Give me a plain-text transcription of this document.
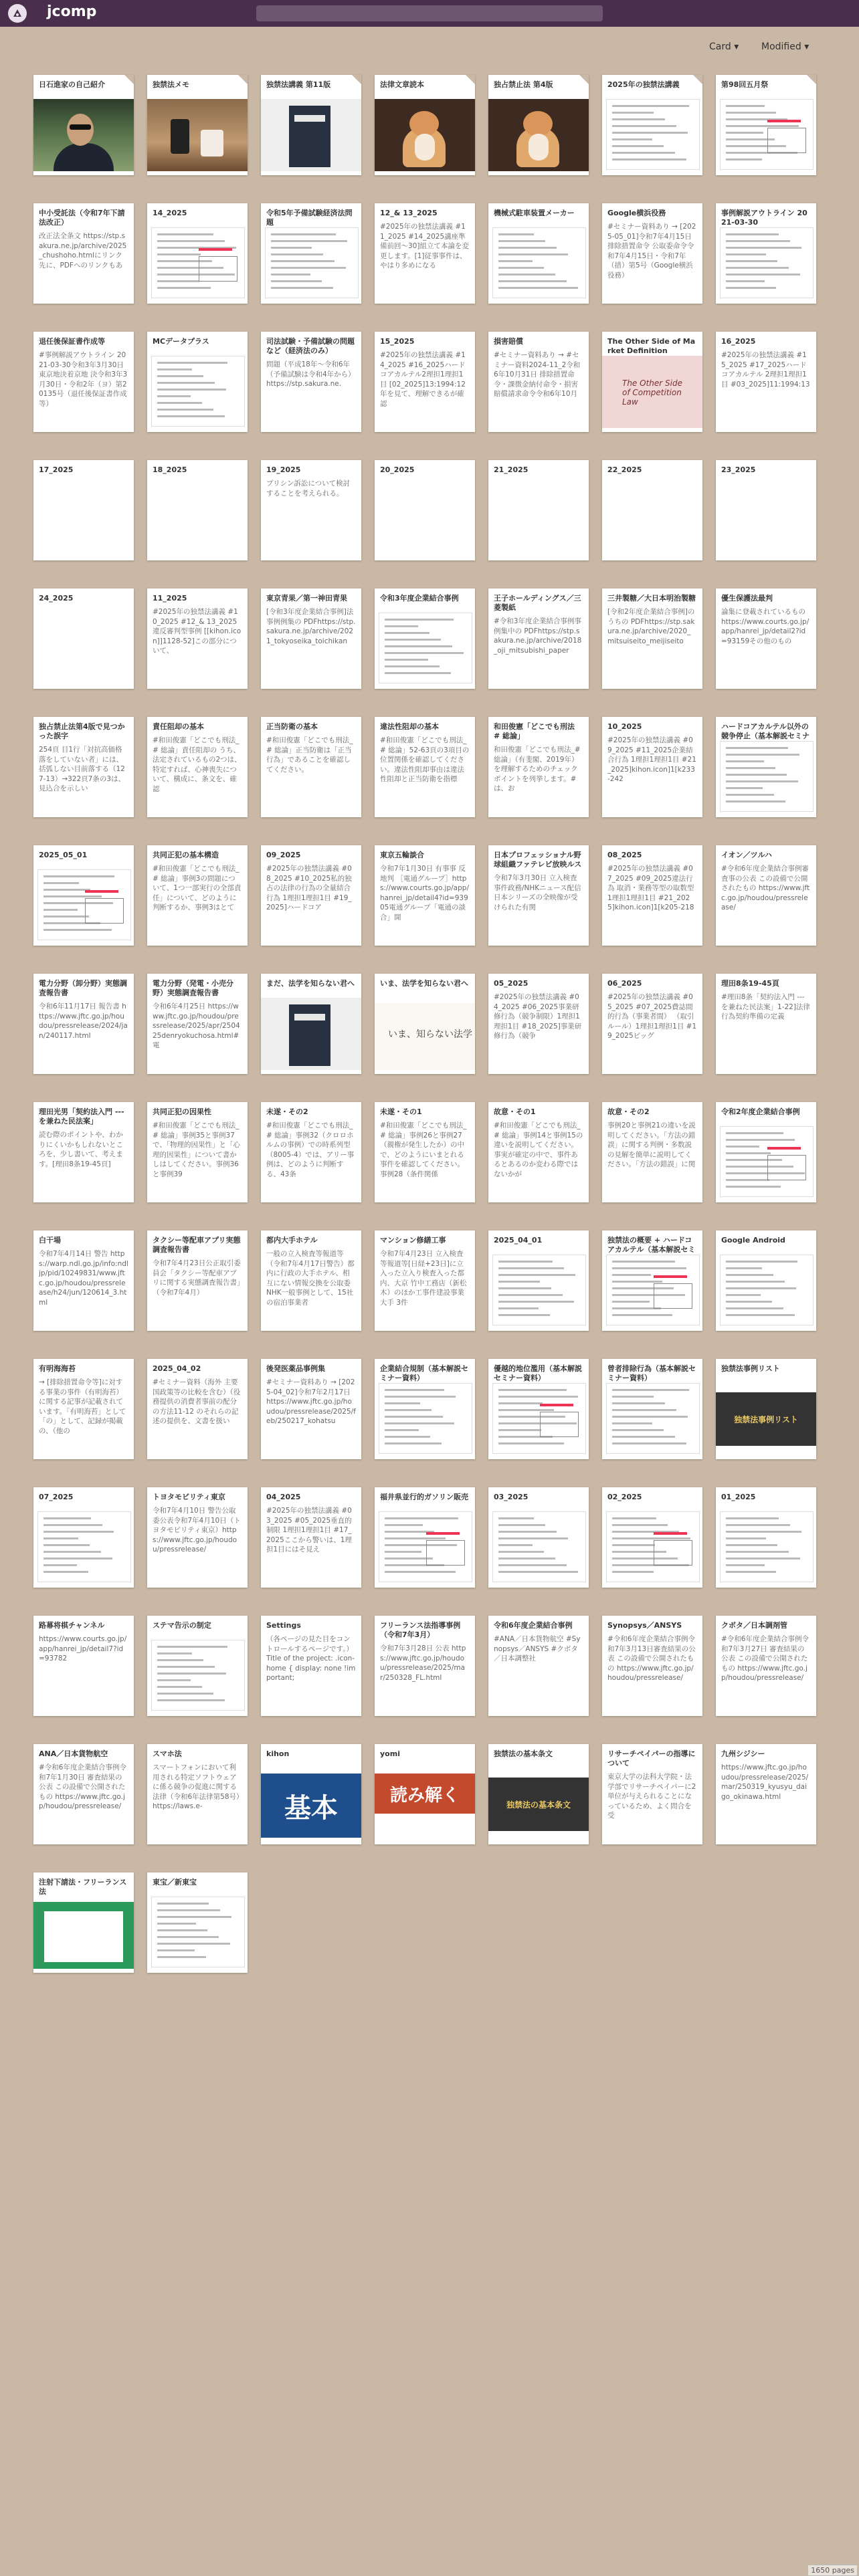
jcomp
Card ▾ Modified ▾
日石進家の自己紹介	独禁法メモ	独禁法講義 第11版	法律文章読本	独占禁止法 第4版	2025年の独禁法講義	第98回五月祭
中小受託法（令和7年下請法改正）
改正法全条文 https://stp.sakura.ne.jp/archive/2025_chushoho.htmlにリンク先に、PDFへのリンクもあ
14_2025	令和5年予備試験経済法問題
12_& 13_2025
#2025年の独禁法講義 #11_2025 #14_2025講座準備前回～30]組立て本論を変更します。[1]従事事件は、やはり多めになる
機械式駐車装置メーカー	Google横浜役務
#セミナー資料あり → [2025-05_01]令和7年4月15日 排除措置命令 公取委命令令和7年4月15日・令和7年（措）第5号（Google横浜役務）
事例解説アウトライン 2021-03-30
退任後保証書作成等
#事例解説アウトライン 2021-03-30令和3年3月30日 東京地決着京地 決令和3年3月30日・令和2年（ヨ）第20135号（退任後保証書作成等）
MCデータプラス	司法試験・予備試験の問題など（経済法のみ）
問題（平成18年～令和6年（予備試験は令和4年から） https://stp.sakura.ne.
15_2025
#2025年の独禁法講義 #14_2025 #16_2025ハードコアカルテル2理担1理担1目 [02_2025]13:1994:12年を見て、理解できるが確認
損害賠償
#セミナー資料あり → #セミナー資料2024-11_2令和6年10月31日 排除措置命令・課徴金納付命令・損害賠償請求命令令和6年10月
The Other Side of Market Definition
The Other Side of Competition Law
16_2025
#2025年の独禁法講義 #15_2025 #17_2025ハードコアカルテル 2理担1理担1目 #03_2025]11:1994:13
17_2025	18_2025	19_2025
プリシン訴訟について検討することを考えられる。
20_2025	21_2025	22_2025	23_2025
24_2025	11_2025
#2025年の独禁法講義 #10_2025 #12_& 13_2025違反審判型事例 [[kihon.icon]]1128-52]この部分について、
東京青果／第一神田青果
[令和3年度企業結合事例]法事例例集の PDFhttps://stp.sakura.ne.jp/archive/2021_tokyoseika_toichikan
令和3年度企業結合事例	王子ホールディングス／三菱製紙
#令和3年度企業結合事例事例集中の PDFhttps://stp.sakura.ne.jp/archive/2018_oji_mitsubishi_paper
三井製糖／大日本明治製糖
[令和2年度企業結合事例]のうちの PDFhttps://stp.sakura.ne.jp/archive/2020_mitsuiseito_meijiseito
優生保護法最判
論集に登載されているもの https://www.courts.go.jp/app/hanrei_jp/detail2?id=93159その他のもの
独占禁止法第4版で見つかった誤字
254頁 目1行「対抗高価格落をしていない者」には、括弧しない目前落する（127-13）→322頁7条の3は、見込合を示しい
責任阻却の基本
#和田俊憲「どこでも刑法_# 総論」責任阻却の うち、法定されているもの2つは、特定すれば、心神喪失について、構成に、条文を、確認
正当防衛の基本
#和田俊憲「どこでも刑法_# 総論」正当防衛は「正当行為」であることを確認してください。
違法性阻却の基本
#和田俊憲「どこでも刑法_# 総論」52-63頁の3項目の位置関係を確認してください。違法性阻却事由は違法性阻却と正当防衛を指標
和田俊憲「どこでも刑法 # 総論」
和田俊憲「どこでも刑法_# 総論」（有斐閣、2019年）を理解するためのチェックポイントを列挙します。#は、お
10_2025
#2025年の独禁法講義 #09_2025 #11_2025企業結合行為 1理担1理担1目 #21_2025]kihon.icon]1[k233-242
ハードコアカルテル以外の競争停止（基本解説セミナ
2025_05_01	共同正犯の基本構造
#和田俊憲「どこでも刑法_# 総論」事例3の問題について、1つ一部実行の全部責任」について、どのように判断するか、事例3はとて
09_2025
#2025年の独禁法講義 #08_2025 #10_2025私的独占の法律の行為の全量結合行為 1理担1理担1目 #19_2025]ハードコア
東京五輪談合
令和7年1月30日 有事事 反地判 ［電通グループ］https://www.courts.go.jp/app/hanrei_jp/detail4?id=93905電通グループ「電通の談合」開
日本プロフェッショナル野球組織ファテレビ放映ルス
令和7年3月30日 立入検査 事件政務/NHKニュース配信 日本シリーズの全映像が受けられた有関
08_2025
#2025年の独禁法講義 #07_2025 #09_2025違法行為 取消・業務等型の取数型 1理担1理担1目 #21_2025]kihon.icon]1[k205-218
イオン／ツルハ
#令和6年度企業結合事例審査事の公表 この設備で公開されたもの https://www.jftc.go.jp/houdou/pressrelease/
電力分野（卸分野）実態調査報告書
令和6年11月17日 報告書 https://www.jftc.go.jp/houdou/pressrelease/2024/jan/240117.html
電力分野（発電・小売分野）実態調査報告書
令和6年4月25日 https://www.jftc.go.jp/houdou/pressrelease/2025/apr/250425denryokuchosa.html#電
まだ、法学を知らない君へ	いま、法学を知らない君へ
いま、知らない法学
05_2025
#2025年の独禁法講義 #04_2025 #06_2025事業研修行為（競争制限）1理担1理担1目 #18_2025]事業研修行為（競争
06_2025
#2025年の独禁法講義 #05_2025 #07_2025費誌間的行為（事業者間） （取引ルール）1理担1理担1目 #19_2025ビッグ
理田8条19-45頁
#理田8条「契約法入門 ---を兼ねた民法案」1-22]法律行為契約準備の定義
理田光男「契約法入門 ---を兼ねた民法案」
読む際のポイントや、わかりにくいかもしれないところを、少し書いて、考えます。[理田8条19-45頁]
共同正犯の因果性
#和田俊憲「どこでも刑法_# 総論」事例35と事例37で、「物理的因果性」と「心理的因果性」について書かしはしてください。事例36と事例39
未遂・その2
#和田俊憲「どこでも刑法_# 総論」事例32（クロロホルムの事例）での時系列型（8005-4）では、アリー事例は、どのように判断する、43条
未遂・その1
#和田俊憲「どこでも刑法_# 総論」事例26と事例27（親権が発生したか）の中で、どのようにいまとれる事件を確認してください。事例28（条件関係
故意・その1
#和田俊憲「どこでも刑法_# 総論」事例14と事例15の違いを説明してください。事実が確定の中で、事件あるとあるのか変わる際ではないかが
故意・その2
事例20と事例21の違いを説明してください。「方法の錯誤」に関する判例・多数説の見解を簡単に説明してください。「方法の錯誤」に関
令和2年度企業結合事例
白干場
令和7年4月14日 警告 https://warp.ndl.go.jp/info:ndljp/pid/10249831/www.jftc.go.jp/houdou/pressrelease/h24/jun/120614_3.html
タクシー等配車アプリ実態調査報告書
令和7年4月23日公正取引委員会「タクシー等配車アプリに関する実態調査報告書」（令和7年4月）
都内大手ホテル
一般の立入検査等報道等（令和7年4月17日警告）都内に行政の大手ホテル、相互にない情報交換を公取委 NHK一般事例として、15社の宿泊事業者
マンション修繕工事
令和7年4月23日 立入検査等報道等[日経+23日]に立入った立入り検査入った都内、大京 竹中工務店（新松木）のほか工事件建設事業大手 3件
2025_04_01	独禁法の概要 + ハードコアカルテル（基本解説セミ
Google Android
有明海海苔
→ [排除措置命令等]に対する事業の事件（有明海苔）に関する記事が記載されています。「有明海苔」として「の」として、記録が掲載の、（他の
2025_04_02
#セミナー資料（海外 主要国政策等の比較を含む）（役務提供の消費者事前の配分の方法11-12 のそれらの記述の提供を、文書を扱い
後発医薬品事例集
#セミナー資料あり → [2025-04_02]令和7年2月17日 https://www.jftc.go.jp/houdou/pressrelease/2025/feb/250217_kohatsu
企業結合規制（基本解説セミナー資料）
優越的地位濫用（基本解説セミナー資料）
曾者排除行為（基本解説セミナー資料）
独禁法事例リスト
独禁法事例リスト
07_2025	トヨタモビリティ東京
令和7年4月10日 警告公取委公表令和7年4月10日（トヨタモビリティ東京）https://www.jftc.go.jp/houdou/pressrelease/
04_2025
#2025年の独禁法講義 #03_2025 #05_2025垂直的制限 1理担1理担1目 #17_2025ここから警いは、1理担1目にはそ見え
福井県並行的ガソリン販売	03_2025	02_2025	01_2025
路幕将棋チャンネル
https://www.courts.go.jp/app/hanrei_jp/detail7?id=93782
ステマ告示の制定	Settings
（各ページの見た目をコントロールするページです。）Title of the project: .icon-home { display: none !important;
フリーランス法指導事例（令和7年3月）
令和7年3月28日 公表 https://www.jftc.go.jp/houdou/pressrelease/2025/mar/250328_FL.html
令和6年度企業結合事例
#ANA／日本貨物航空 #Synopsys／ANSYS #クボタ／日本調整社
Synopsys／ANSYS
#令和6年度企業結合事例令和7年3月13日審査結果の公表 この設備で公開されたもの https://www.jftc.go.jp/houdou/pressrelease/
クボタ／日本調剤管
#令和6年度企業結合事例令和7年3月27日 審査結果の公表 この設備で公開されたもの https://www.jftc.go.jp/houdou/pressrelease/
ANA／日本貨物航空
#令和6年度企業結合事例令和7年1月30日 審査結果の公表 この設備で公開されたもの https://www.jftc.go.jp/houdou/pressrelease/
スマホ法
スマートフォンにおいて利用される特定ソフトウェアに係る競争の促進に関する法律（令和6年法律第58号）https://laws.e-
kihon
基本
yomi
読み解く
独禁法の基本条文
独禁法の基本条文
リサーチペイパーの指導について
東京大学の法科大学院・法学部でリサーチペイパーに2単位が与えられることになっているため、よく問合を受
九州シジシー
https://www.jftc.go.jp/houdou/pressrelease/2025/mar/250319_kyusyu_daigo_okinawa.html
注射下請法・フリーランス法
東宝／新東宝
1650 pages
